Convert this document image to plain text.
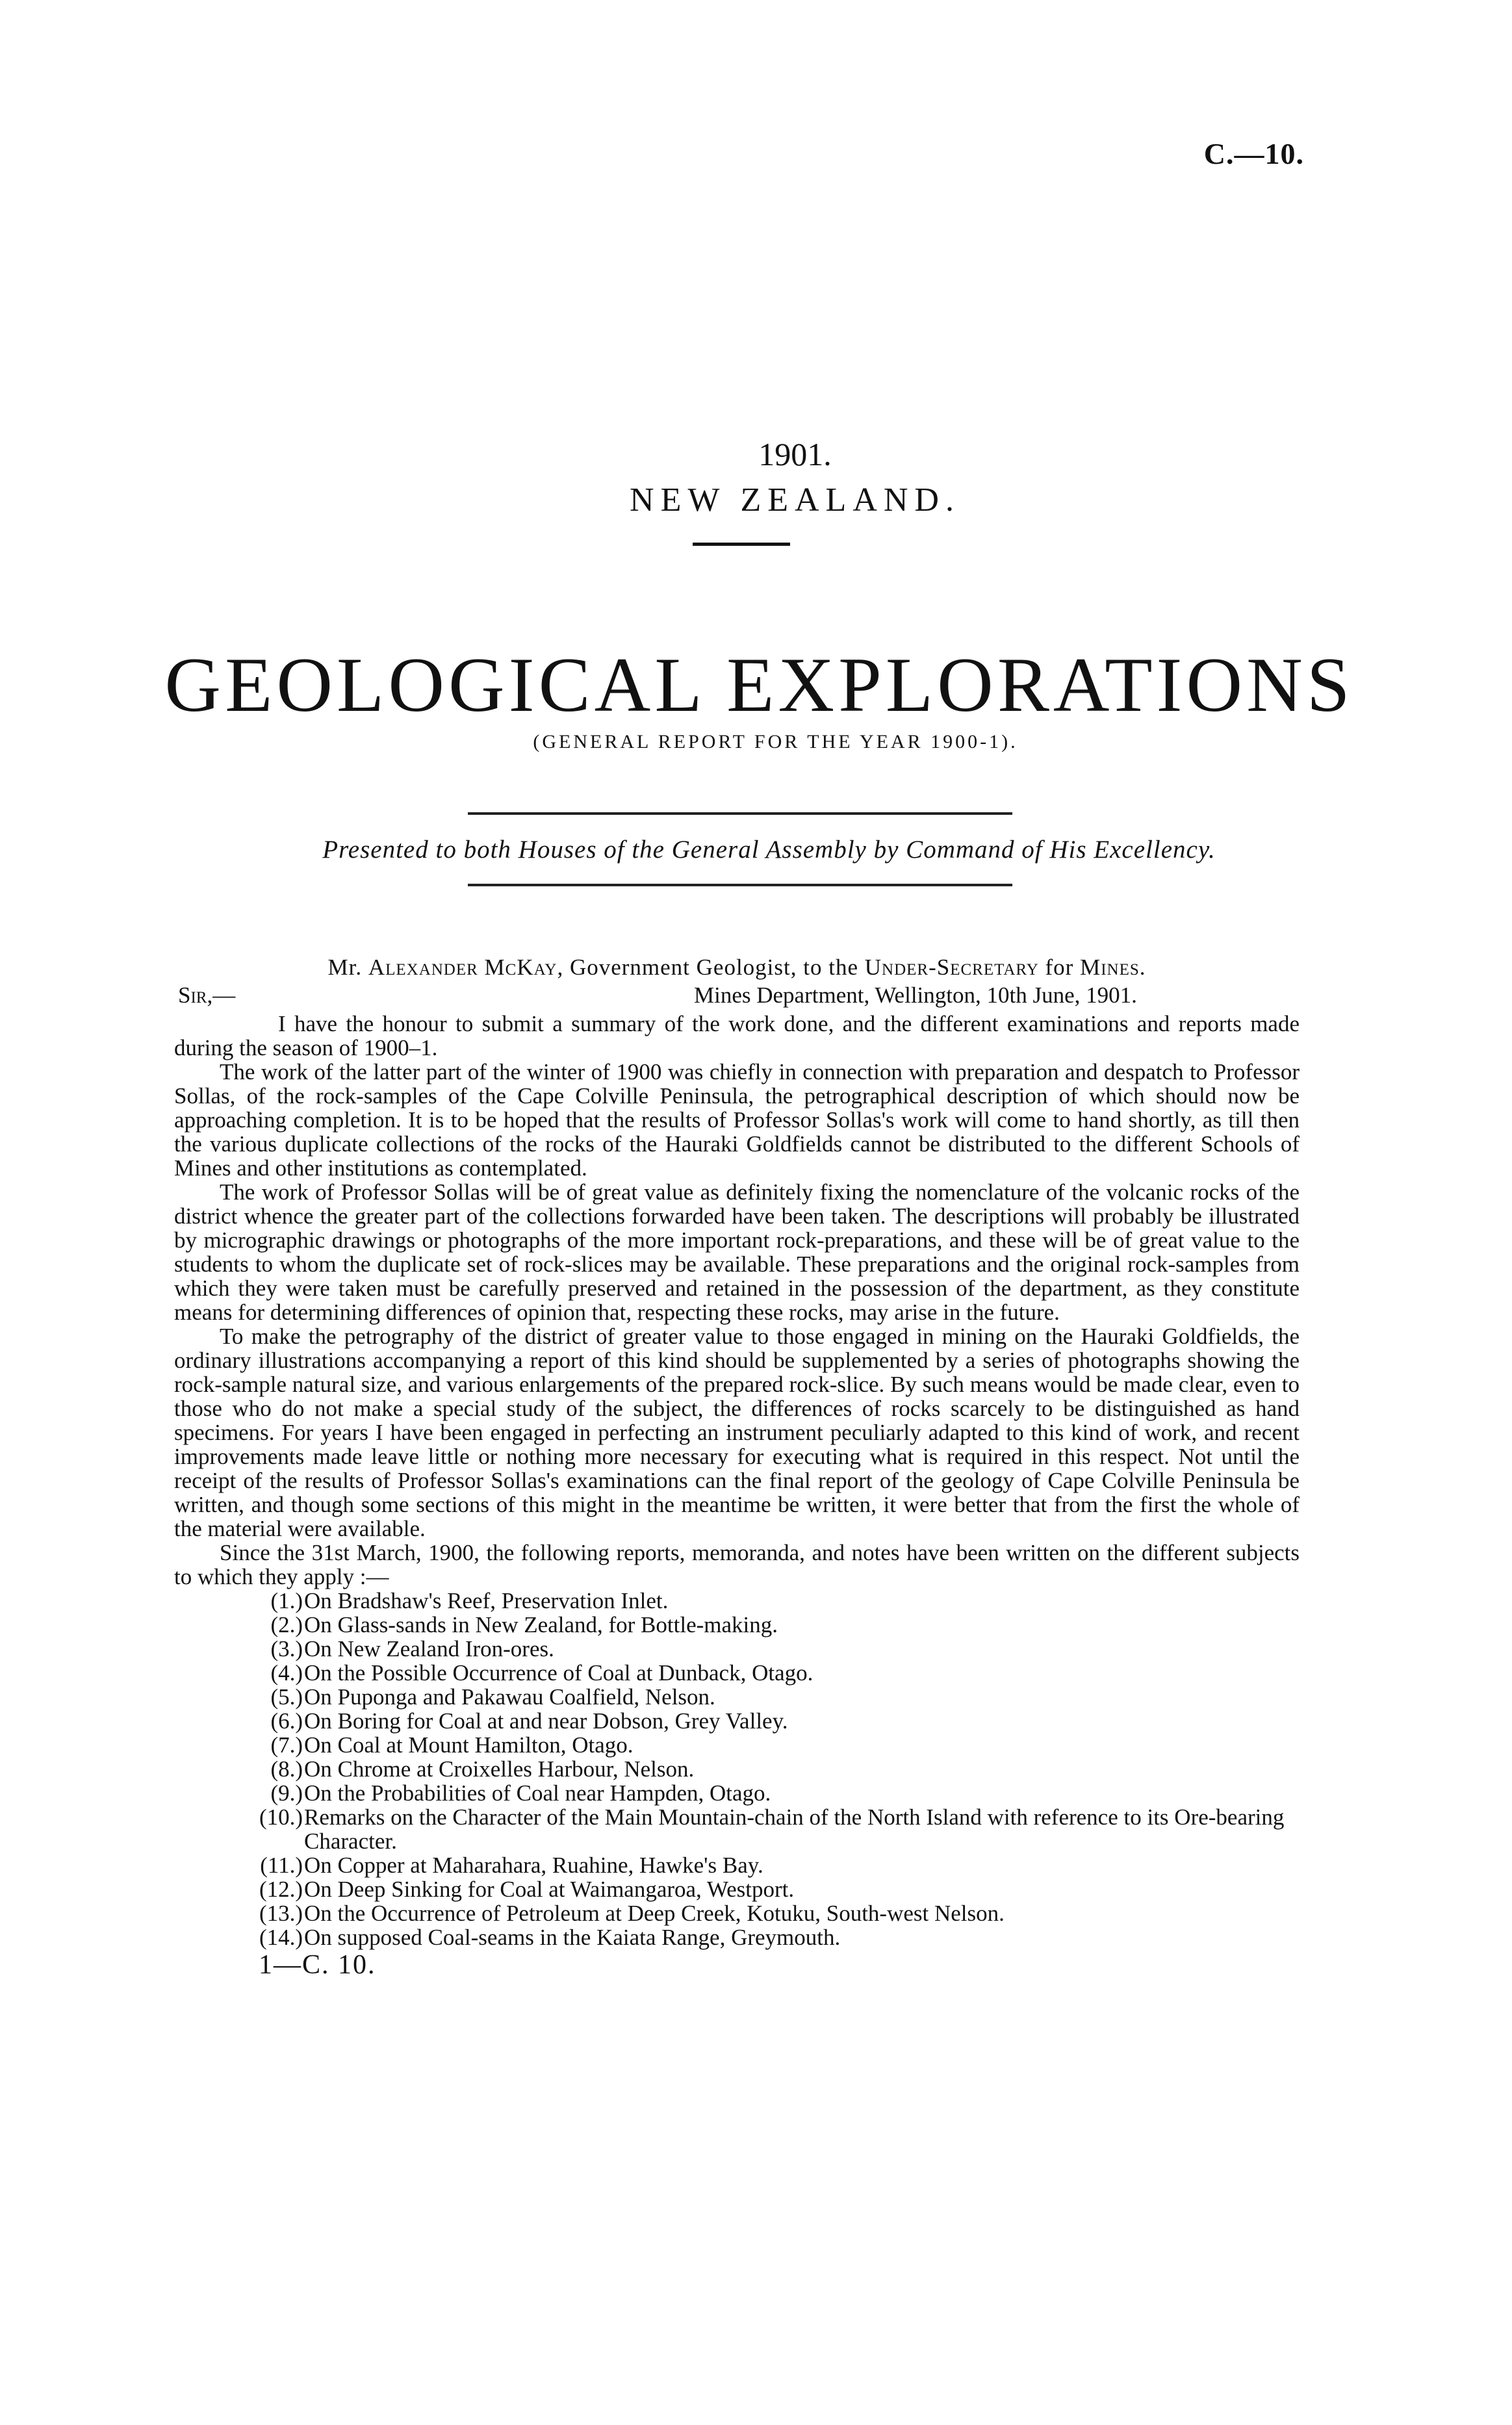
C.—10.
1901.
NEW ZEALAND.
GEOLOGICAL EXPLORATIONS
(GENERAL REPORT FOR THE YEAR 1900-1).
Presented to both Houses of the General Assembly by Command of His Excellency.
Mr. Alexander McKay, Government Geologist, to the Under-Secretary for Mines.
Sir,—	Mines Department, Wellington, 10th June, 1901.

I have the honour to submit a summary of the work done, and the different examinations and reports made during the season of 1900–1.

The work of the latter part of the winter of 1900 was chiefly in connection with preparation and despatch to Professor Sollas, of the rock-samples of the Cape Colville Peninsula, the petrographical description of which should now be approaching completion. It is to be hoped that the results of Professor Sollas's work will come to hand shortly, as till then the various duplicate collections of the rocks of the Hauraki Goldfields cannot be distributed to the different Schools of Mines and other institutions as contemplated.

The work of Professor Sollas will be of great value as definitely fixing the nomenclature of the volcanic rocks of the district whence the greater part of the collections forwarded have been taken. The descriptions will probably be illustrated by micrographic drawings or photographs of the more important rock-preparations, and these will be of great value to the students to whom the duplicate set of rock-slices may be available. These preparations and the original rock-samples from which they were taken must be carefully preserved and retained in the possession of the department, as they constitute means for determining differences of opinion that, respecting these rocks, may arise in the future.

To make the petrography of the district of greater value to those engaged in mining on the Hauraki Goldfields, the ordinary illustrations accompanying a report of this kind should be supplemented by a series of photographs showing the rock-sample natural size, and various enlargements of the prepared rock-slice. By such means would be made clear, even to those who do not make a special study of the subject, the differences of rocks scarcely to be distinguished as hand specimens. For years I have been engaged in perfecting an instrument peculiarly adapted to this kind of work, and recent improvements made leave little or nothing more necessary for executing what is required in this respect. Not until the receipt of the results of Professor Sollas's examinations can the final report of the geology of Cape Colville Peninsula be written, and though some sections of this might in the meantime be written, it were better that from the first the whole of the material were available.

Since the 31st March, 1900, the following reports, memoranda, and notes have been written on the different subjects to which they apply :—

(1.) On Bradshaw's Reef, Preservation Inlet.
(2.) On Glass-sands in New Zealand, for Bottle-making.
(3.) On New Zealand Iron-ores.
(4.) On the Possible Occurrence of Coal at Dunback, Otago.
(5.) On Puponga and Pakawau Coalfield, Nelson.
(6.) On Boring for Coal at and near Dobson, Grey Valley.
(7.) On Coal at Mount Hamilton, Otago.
(8.) On Chrome at Croixelles Harbour, Nelson.
(9.) On the Probabilities of Coal near Hampden, Otago.
(10.) Remarks on the Character of the Main Mountain-chain of the North Island with reference to its Ore-bearing Character.
(11.) On Copper at Maharahara, Ruahine, Hawke's Bay.
(12.) On Deep Sinking for Coal at Waimangaroa, Westport.
(13.) On the Occurrence of Petroleum at Deep Creek, Kotuku, South-west Nelson.
(14.) On supposed Coal-seams in the Kaiata Range, Greymouth.
1—C. 10.
